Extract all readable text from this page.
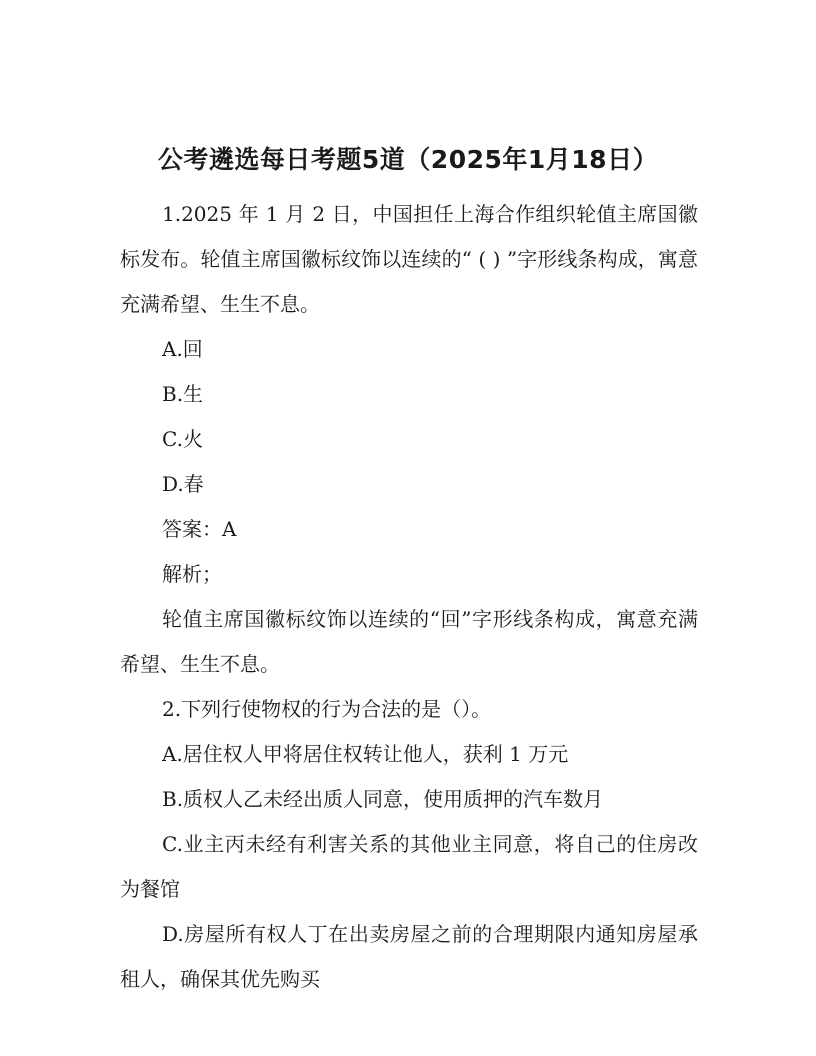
公考遴选每日考题5道（2025年1月18日）

1.2025 年 1 月 2 日，中国担任上海合作组织轮值主席国徽标发布。轮值主席国徽标纹饰以连续的“ ( ) ”字形线条构成，寓意充满希望、生生不息。

A.回

B.生

C.火

D.春

答案：A

解析；

轮值主席国徽标纹饰以连续的“回”字形线条构成，寓意充满希望、生生不息。

2.下列行使物权的行为合法的是（）。

A.居住权人甲将居住权转让他人，获利 1 万元

B.质权人乙未经出质人同意，使用质押的汽车数月

C.业主丙未经有利害关系的其他业主同意，将自己的住房改为餐馆

D.房屋所有权人丁在出卖房屋之前的合理期限内通知房屋承租人，确保其优先购买
